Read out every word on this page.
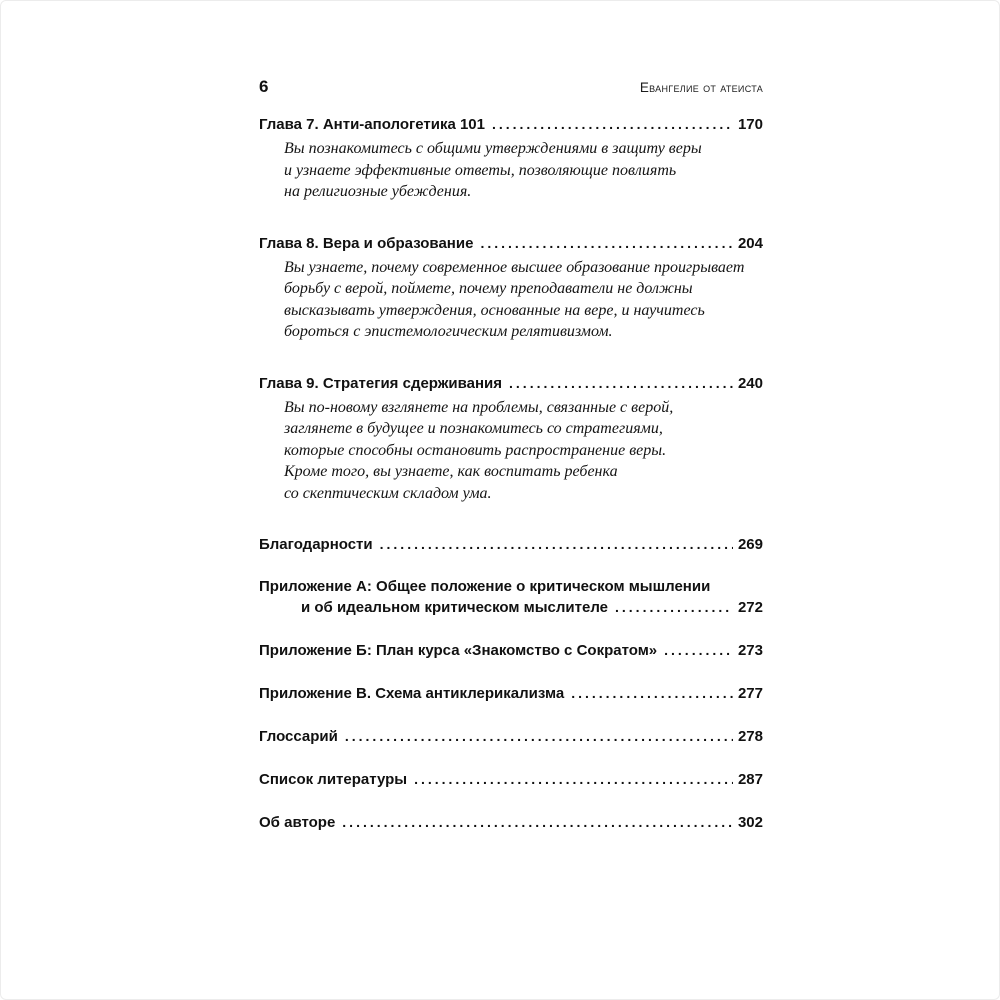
6	Евангелие от атеиста
Глава 7. Анти-апологетика 101 .....	170
Вы познакомитесь с общими утверждениями в защиту веры
и узнаете эффективные ответы, позволяющие повлиять
на религиозные убеждения.
Глава 8. Вера и образование .....	204
Вы узнаете, почему современное высшее образование проигрывает
борьбу с верой, поймете, почему преподаватели не должны
высказывать утверждения, основанные на вере, и научитесь
бороться с эпистемологическим релятивизмом.
Глава 9. Стратегия сдерживания .....	240
Вы по-новому взглянете на проблемы, связанные с верой,
заглянете в будущее и познакомитесь со стратегиями,
которые способны остановить распространение веры.
Кроме того, вы узнаете, как воспитать ребенка
со скептическим складом ума.
Благодарности .....	269
Приложение А: Общее положение о критическом мышлении
и об идеальном критическом мыслителе .....	272
Приложение Б: План курса «Знакомство с Сократом» .....	273
Приложение В. Схема антиклерикализма .....	277
Глоссарий .....	278
Список литературы .....	287
Об авторе .....	302
